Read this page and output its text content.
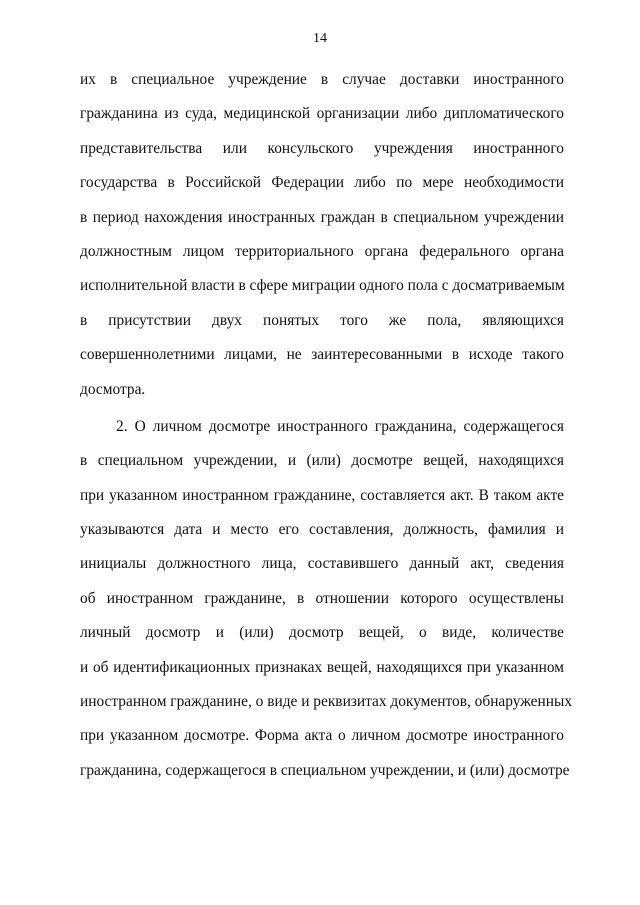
14
их в специальное учреждение в случае доставки иностранного
гражданина из суда, медицинской организации либо дипломатического
представительства или консульского учреждения иностранного
государства в Российской Федерации либо по мере необходимости
в период нахождения иностранных граждан в специальном учреждении
должностным лицом территориального органа федерального органа
исполнительной власти в сфере миграции одного пола с досматриваемым
в присутствии двух понятых того же пола, являющихся
совершеннолетними лицами, не заинтересованными в исходе такого
досмотра.
2. О личном досмотре иностранного гражданина, содержащегося
в специальном учреждении, и (или) досмотре вещей, находящихся
при указанном иностранном гражданине, составляется акт. В таком акте
указываются дата и место его составления, должность, фамилия и
инициалы должностного лица, составившего данный акт, сведения
об иностранном гражданине, в отношении которого осуществлены
личный досмотр и (или) досмотр вещей, о виде, количестве
и об идентификационных признаках вещей, находящихся при указанном
иностранном гражданине, о виде и реквизитах документов, обнаруженных
при указанном досмотре. Форма акта о личном досмотре иностранного
гражданина, содержащегося в специальном учреждении, и (или) досмотре
